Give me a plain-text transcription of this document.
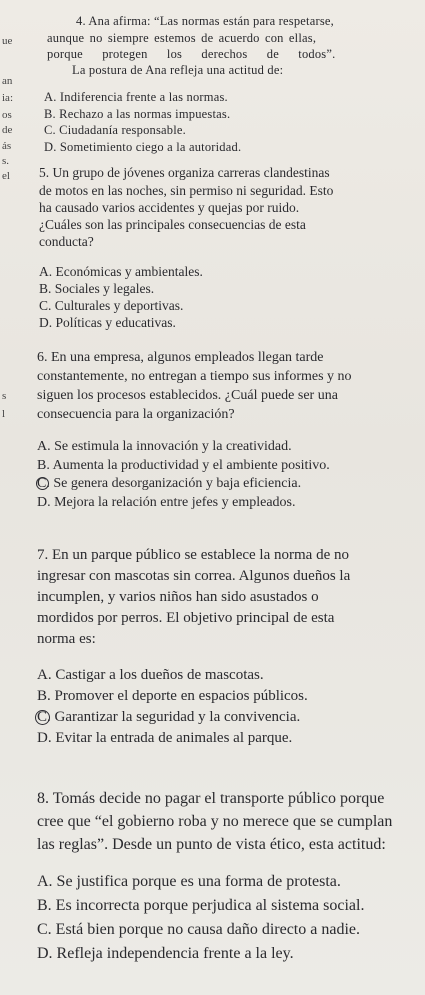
ue
an
ia:
os
de
ás
s.
el
s
l
4. Ana afirma: “Las normas están para respetarse,
aunque no siempre estemos de acuerdo con ellas,
porque protegen los derechos de todos”.
La postura de Ana refleja una actitud de:
A. Indiferencia frente a las normas.
B. Rechazo a las normas impuestas.
C. Ciudadanía responsable.
D. Sometimiento ciego a la autoridad.
5. Un grupo de jóvenes organiza carreras clandestinas
de motos en las noches, sin permiso ni seguridad. Esto
ha causado varios accidentes y quejas por ruido.
¿Cuáles son las principales consecuencias de esta
conducta?
A. Económicas y ambientales.
B. Sociales y legales.
C. Culturales y deportivas.
D. Políticas y educativas.
6. En una empresa, algunos empleados llegan tarde
constantemente, no entregan a tiempo sus informes y no
siguen los procesos establecidos. ¿Cuál puede ser una
consecuencia para la organización?
A. Se estimula la innovación y la creatividad.
B. Aumenta la productividad y el ambiente positivo.
C. Se genera desorganización y baja eficiencia.
D. Mejora la relación entre jefes y empleados.
7. En un parque público se establece la norma de no
ingresar con mascotas sin correa. Algunos dueños la
incumplen, y varios niños han sido asustados o
mordidos por perros. El objetivo principal de esta
norma es:
A. Castigar a los dueños de mascotas.
B. Promover el deporte en espacios públicos.
C. Garantizar la seguridad y la convivencia.
D. Evitar la entrada de animales al parque.
8. Tomás decide no pagar el transporte público porque
cree que “el gobierno roba y no merece que se cumplan
las reglas”. Desde un punto de vista ético, esta actitud:
A. Se justifica porque es una forma de protesta.
B. Es incorrecta porque perjudica al sistema social.
C. Está bien porque no causa daño directo a nadie.
D. Refleja independencia frente a la ley.
